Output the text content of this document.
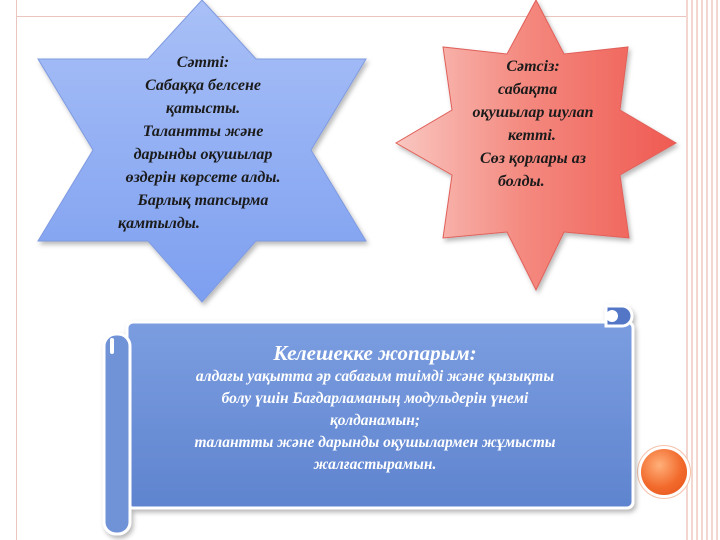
Сәтті:
Сабаққа белсене
қатысты.
Талантты және
дарынды оқушылар
өздерін көрсете алды.
Барлық тапсырма
қамтылды.
Сәтсіз:
сабақта
оқушылар шулап
кетті.
Сөз қорлары аз
болды.
Келешекке жопарым:
алдағы уақытта әр сабағым тиімді және қызықты
болу үшін Бағдарламаның модульдерін үнемі
қолданамын;
талантты және дарынды оқушылармен жұмысты
жалғастырамын.
